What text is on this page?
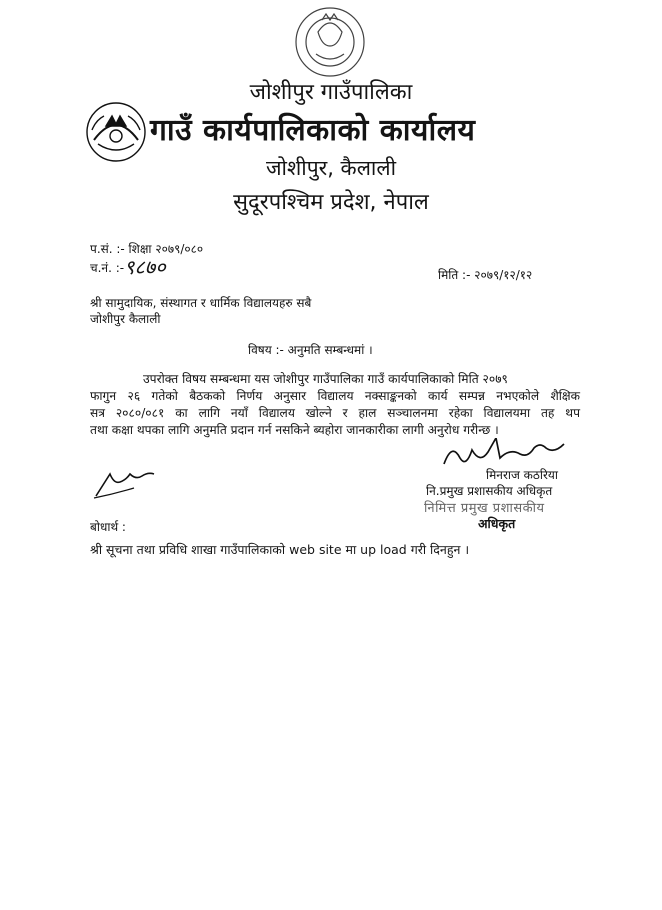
जोशीपुर गाउँपालिका
गाउँ कार्यपालिकाको कार्यालय
जोशीपुर, कैलाली
सुदूरपश्चिम प्रदेश, नेपाल
प.सं. :- शिक्षा २०७९/०८०
च.नं. :- ९८७०	मिति :- २०७९/१२/१२
श्री सामुदायिक, संस्थागत र धार्मिक विद्यालयहरु सबै
जोशीपुर कैलाली
विषय :- अनुमति सम्बन्धमां ।
उपरोक्त विषय सम्बन्धमा यस जोशीपुर गाउँपालिका गाउँ कार्यपालिकाको मिति २०७९
फागुन २६ गतेको बैठकको निर्णय अनुसार विद्यालय नक्साङ्कनको कार्य सम्पन्न नभएकोले शैक्षिक
सत्र २०८०/०८१ का लागि नयाँ विद्यालय खोल्ने र हाल सञ्चालनमा रहेका विद्यालयमा तह थप
तथा कक्षा थपका लागि अनुमति प्रदान गर्न नसकिने ब्यहोरा जानकारीका लागी अनुरोध गरीन्छ ।
मिनराज कठरिया
नि.प्रमुख प्रशासकीय अधिकृत
निमित्त प्रमुख प्रशासकीय
अधिकृत
बोधार्थ :
श्री सूचना तथा प्रविधि शाखा गाउँपालिकाको web site मा up load गरी दिनहुन ।
